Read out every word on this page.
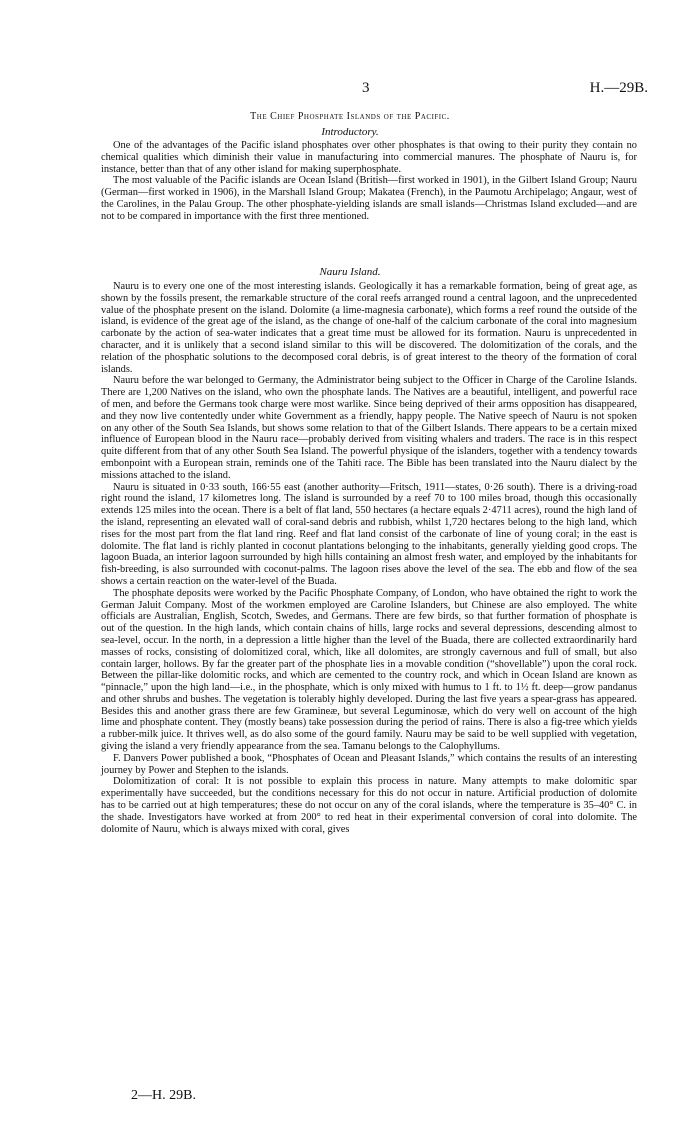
3	H.—29B.
The Chief Phosphate Islands of the Pacific.
Introductory.

One of the advantages of the Pacific island phosphates over other phosphates is that owing to their purity they contain no chemical qualities which diminish their value in manufacturing into commercial manures. The phosphate of Nauru is, for instance, better than that of any other island for making superphosphate.

The most valuable of the Pacific islands are Ocean Island (British—first worked in 1901), in the Gilbert Island Group; Nauru (German—first worked in 1906), in the Marshall Island Group; Makatea (French), in the Paumotu Archipelago; Angaur, west of the Carolines, in the Palau Group. The other phosphate-yielding islands are small islands—Christmas Island excluded—and are not to be compared in importance with the first three mentioned.

Nauru Island.

Nauru is to every one one of the most interesting islands. Geologically it has a remarkable formation, being of great age, as shown by the fossils present, the remarkable structure of the coral reefs arranged round a central lagoon, and the unprecedented value of the phosphate present on the island. Dolomite (a lime-magnesia carbonate), which forms a reef round the outside of the island, is evidence of the great age of the island, as the change of one-half of the calcium carbonate of the coral into magnesium carbonate by the action of sea-water indicates that a great time must be allowed for its formation. Nauru is unprecedented in character, and it is unlikely that a second island similar to this will be discovered. The dolomitization of the corals, and the relation of the phosphatic solutions to the decomposed coral debris, is of great interest to the theory of the formation of coral islands.

Nauru before the war belonged to Germany, the Administrator being subject to the Officer in Charge of the Caroline Islands. There are 1,200 Natives on the island, who own the phosphate lands. The Natives are a beautiful, intelligent, and powerful race of men, and before the Germans took charge were most warlike. Since being deprived of their arms opposition has disappeared, and they now live contentedly under white Government as a friendly, happy people. The Native speech of Nauru is not spoken on any other of the South Sea Islands, but shows some relation to that of the Gilbert Islands. There appears to be a certain mixed influence of European blood in the Nauru race—probably derived from visiting whalers and traders. The race is in this respect quite different from that of any other South Sea Island. The powerful physique of the islanders, together with a tendency towards embonpoint with a European strain, reminds one of the Tahiti race. The Bible has been translated into the Nauru dialect by the missions attached to the island.

Nauru is situated in 0·33 south, 166·55 east (another authority—Fritsch, 1911—states, 0·26 south). There is a driving-road right round the island, 17 kilometres long. The island is surrounded by a reef 70 to 100 miles broad, though this occasionally extends 125 miles into the ocean. There is a belt of flat land, 550 hectares (a hectare equals 2·4711 acres), round the high land of the island, representing an elevated wall of coral-sand debris and rubbish, whilst 1,720 hectares belong to the high land, which rises for the most part from the flat land ring. Reef and flat land consist of the carbonate of line of young coral; in the east is dolomite. The flat land is richly planted in coconut plantations belonging to the inhabitants, generally yielding good crops. The lagoon Buada, an interior lagoon surrounded by high hills containing an almost fresh water, and employed by the inhabitants for fish-breeding, is also surrounded with coconut-palms. The lagoon rises above the level of the sea. The ebb and flow of the sea shows a certain reaction on the water-level of the Buada.

The phosphate deposits were worked by the Pacific Phosphate Company, of London, who have obtained the right to work the German Jaluit Company. Most of the workmen employed are Caroline Islanders, but Chinese are also employed. The white officials are Australian, English, Scotch, Swedes, and Germans. There are few birds, so that further formation of phosphate is out of the question. In the high lands, which contain chains of hills, large rocks and several depressions, descending almost to sea-level, occur. In the north, in a depression a little higher than the level of the Buada, there are collected extraordinarily hard masses of rocks, consisting of dolomitized coral, which, like all dolomites, are strongly cavernous and full of small, but also contain larger, hollows. By far the greater part of the phosphate lies in a movable condition (“shovellable”) upon the coral rock. Between the pillar-like dolomitic rocks, and which are cemented to the country rock, and which in Ocean Island are known as “pinnacle,” upon the high land—i.e., in the phosphate, which is only mixed with humus to 1 ft. to 1½ ft. deep—grow pandanus and other shrubs and bushes. The vegetation is tolerably highly developed. During the last five years a spear-grass has appeared. Besides this and another grass there are few Gramineæ, but several Leguminosæ, which do very well on account of the high lime and phosphate content. They (mostly beans) take possession during the period of rains. There is also a fig-tree which yields a rubber-milk juice. It thrives well, as do also some of the gourd family. Nauru may be said to be well supplied with vegetation, giving the island a very friendly appearance from the sea. Tamanu belongs to the Calophyllums.

F. Danvers Power published a book, “Phosphates of Ocean and Pleasant Islands,” which contains the results of an interesting journey by Power and Stephen to the islands.

Dolomitization of coral: It is not possible to explain this process in nature. Many attempts to make dolomitic spar experimentally have succeeded, but the conditions necessary for this do not occur in nature. Artificial production of dolomite has to be carried out at high temperatures; these do not occur on any of the coral islands, where the temperature is 35–40° C. in the shade. Investigators have worked at from 200° to red heat in their experimental conversion of coral into dolomite. The dolomite of Nauru, which is always mixed with coral, gives

2—H. 29B.
